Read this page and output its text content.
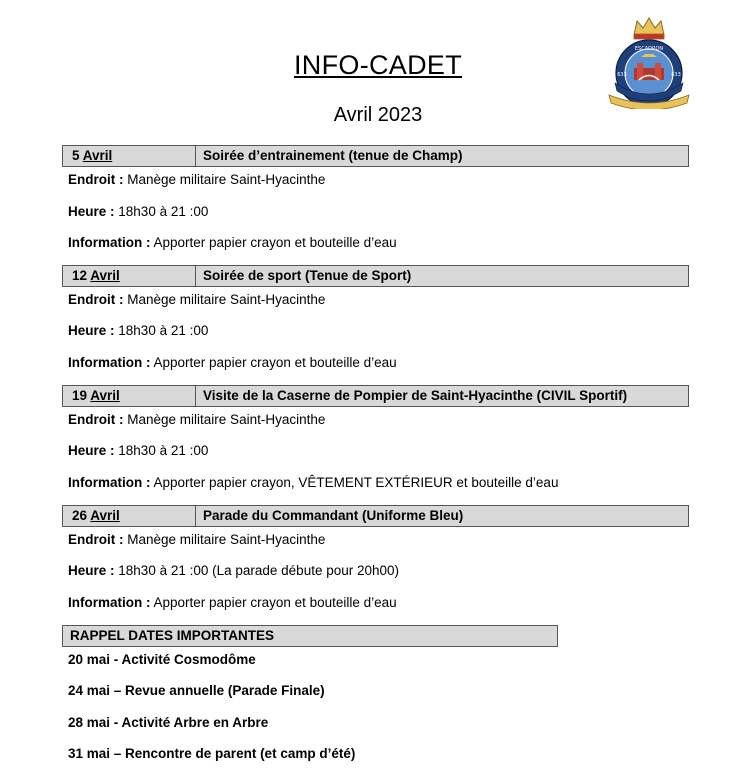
INFO-CADET
Avril 2023
ESCADRON
633	633
5 Avril	Soirée d’entrainement (tenue de Champ)
Endroit : Manège militaire Saint-Hyacinthe
Heure : 18h30 à 21 :00
Information : Apporter papier crayon et bouteille d’eau
12 Avril	Soirée de sport (Tenue de Sport)
Endroit : Manège militaire Saint-Hyacinthe
Heure : 18h30 à 21 :00
Information : Apporter papier crayon et bouteille d’eau
19 Avril	Visite de la Caserne de Pompier de Saint-Hyacinthe (CIVIL Sportif)
Endroit : Manège militaire Saint-Hyacinthe
Heure : 18h30 à 21 :00
Information : Apporter papier crayon, VÊTEMENT EXTÉRIEUR et bouteille d’eau
26 Avril	Parade du Commandant (Uniforme Bleu)
Endroit : Manège militaire Saint-Hyacinthe
Heure : 18h30 à 21 :00 (La parade débute pour 20h00)
Information : Apporter papier crayon et bouteille d’eau
RAPPEL DATES IMPORTANTES
20 mai - Activité Cosmodôme
24 mai – Revue annuelle (Parade Finale)
28 mai - Activité Arbre en Arbre
31 mai – Rencontre de parent (et camp d’été)
